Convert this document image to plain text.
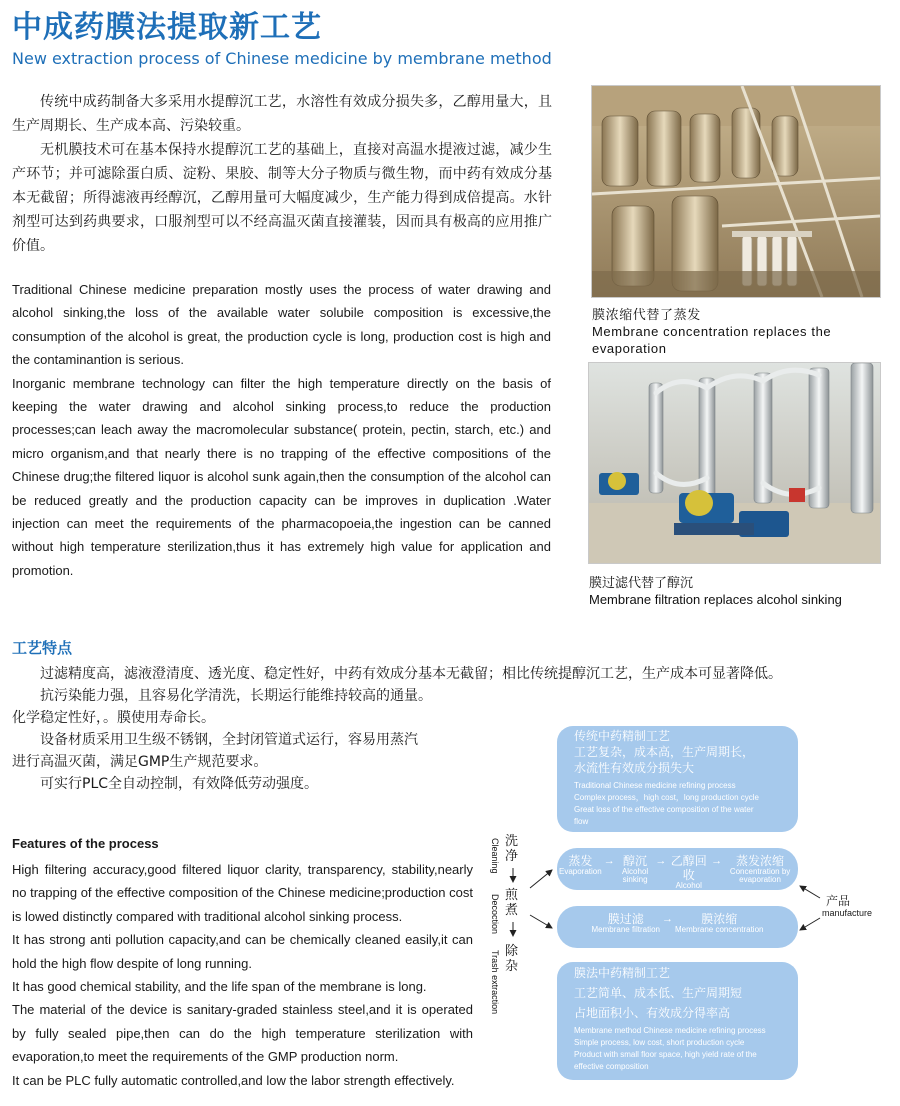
中成药膜法提取新工艺
New extraction process of Chinese medicine by membrane method

传统中成药制备大多采用水提醇沉工艺，水溶性有效成分损失多，乙醇用量大，且生产周期长、生产成本高、污染较重。

无机膜技术可在基本保持水提醇沉工艺的基础上，直接对高温水提液过滤，减少生产环节；并可滤除蛋白质、淀粉、果胶、制等大分子物质与微生物，而中药有效成分基本无截留；所得滤液再经醇沉，乙醇用量可大幅度减少，生产能力得到成倍提高。水针剂型可达到药典要求，口服剂型可以不经高温灭菌直接灌装，因而具有极高的应用推广价值。

Traditional Chinese medicine preparation mostly uses the process of water drawing and alcohol sinking,the loss of the available water solubile composition is excessive,the consumption of the alcohol is great, the production cycle is long, production cost is high and the contaminantion is serious.

Inorganic membrane technology can filter the high temperature directly on the basis of keeping the water drawing and alcohol sinking process,to reduce the production processes;can leach away the macromolecular substance( protein, pectin, starch, etc.) and micro organism,and that nearly there is no trapping of the effective compositions of the Chinese drug;the filtered liquor is alcohol sunk again,then the consumption of the alcohol can be reduced greatly and the production capacity can be improves in duplication .Water injection can meet the requirements of the pharmacopoeia,the ingestion can be canned without high temperature sterilization,thus it has extremely high value for application and promotion.

膜浓缩代替了蒸发
Membrane concentration replaces the evaporation
膜过滤代替了醇沉
Membrane filtration replaces alcohol sinking
工艺特点

过滤精度高，滤液澄清度、透光度、稳定性好，中药有效成分基本无截留；相比传统提醇沉工艺，生产成本可显著降低。

抗污染能力强，且容易化学清洗，长期运行能维持较高的通量。

化学稳定性好，。膜使用寿命长。

设备材质采用卫生级不锈钢，全封闭管道式运行，容易用蒸汽

进行高温灭菌，满足GMP生产规范要求。

可实行PLC全自动控制，有效降低劳动强度。

Features of the process

High filtering accuracy,good filtered liquor clarity, transparency, stability,nearly no trapping of the effective composition of the Chinese medicine;production cost is lowed distinctly compared with traditional alcohol sinking process.

It has strong anti pollution capacity,and can be chemically cleaned easily,it can hold the high flow despite of long running.

It has good chemical stability, and the life span of the membrane is long.

The material of the device is sanitary-graded stainless steel,and it is operated by fully sealed pipe,then can do the high temperature sterilization with evaporation,to meet the requirements of the GMP production norm.

It can be PLC fully automatic controlled,and low the labor strength effectively.

洗净
煎煮
除杂
Cleaning
Decoction
Trash extraction
传统中药精制工艺
工艺复杂，成本高，生产周期长，
水流性有效成分损失大
Traditional Chinese medicine refining process
Complex process，high cost，long production cycle
Great loss of the effective composition of the water
flow
蒸发
Evaporation
→ 醇沉
Alcohol sinking
→ 乙醇回收
Alcohol recovery
→	蒸发浓缩
Concentration by evaporation
膜过滤
Membrane filtration
→	膜浓缩
Membrane concentration
膜法中药精制工艺
工艺简单、成本低、生产周期短
占地面积小、有效成分得率高
Membrane method Chinese medicine refining process
Simple process, low cost, short production cycle
Product with small floor space, high yield rate of the
effective composition
产品
manufacture
